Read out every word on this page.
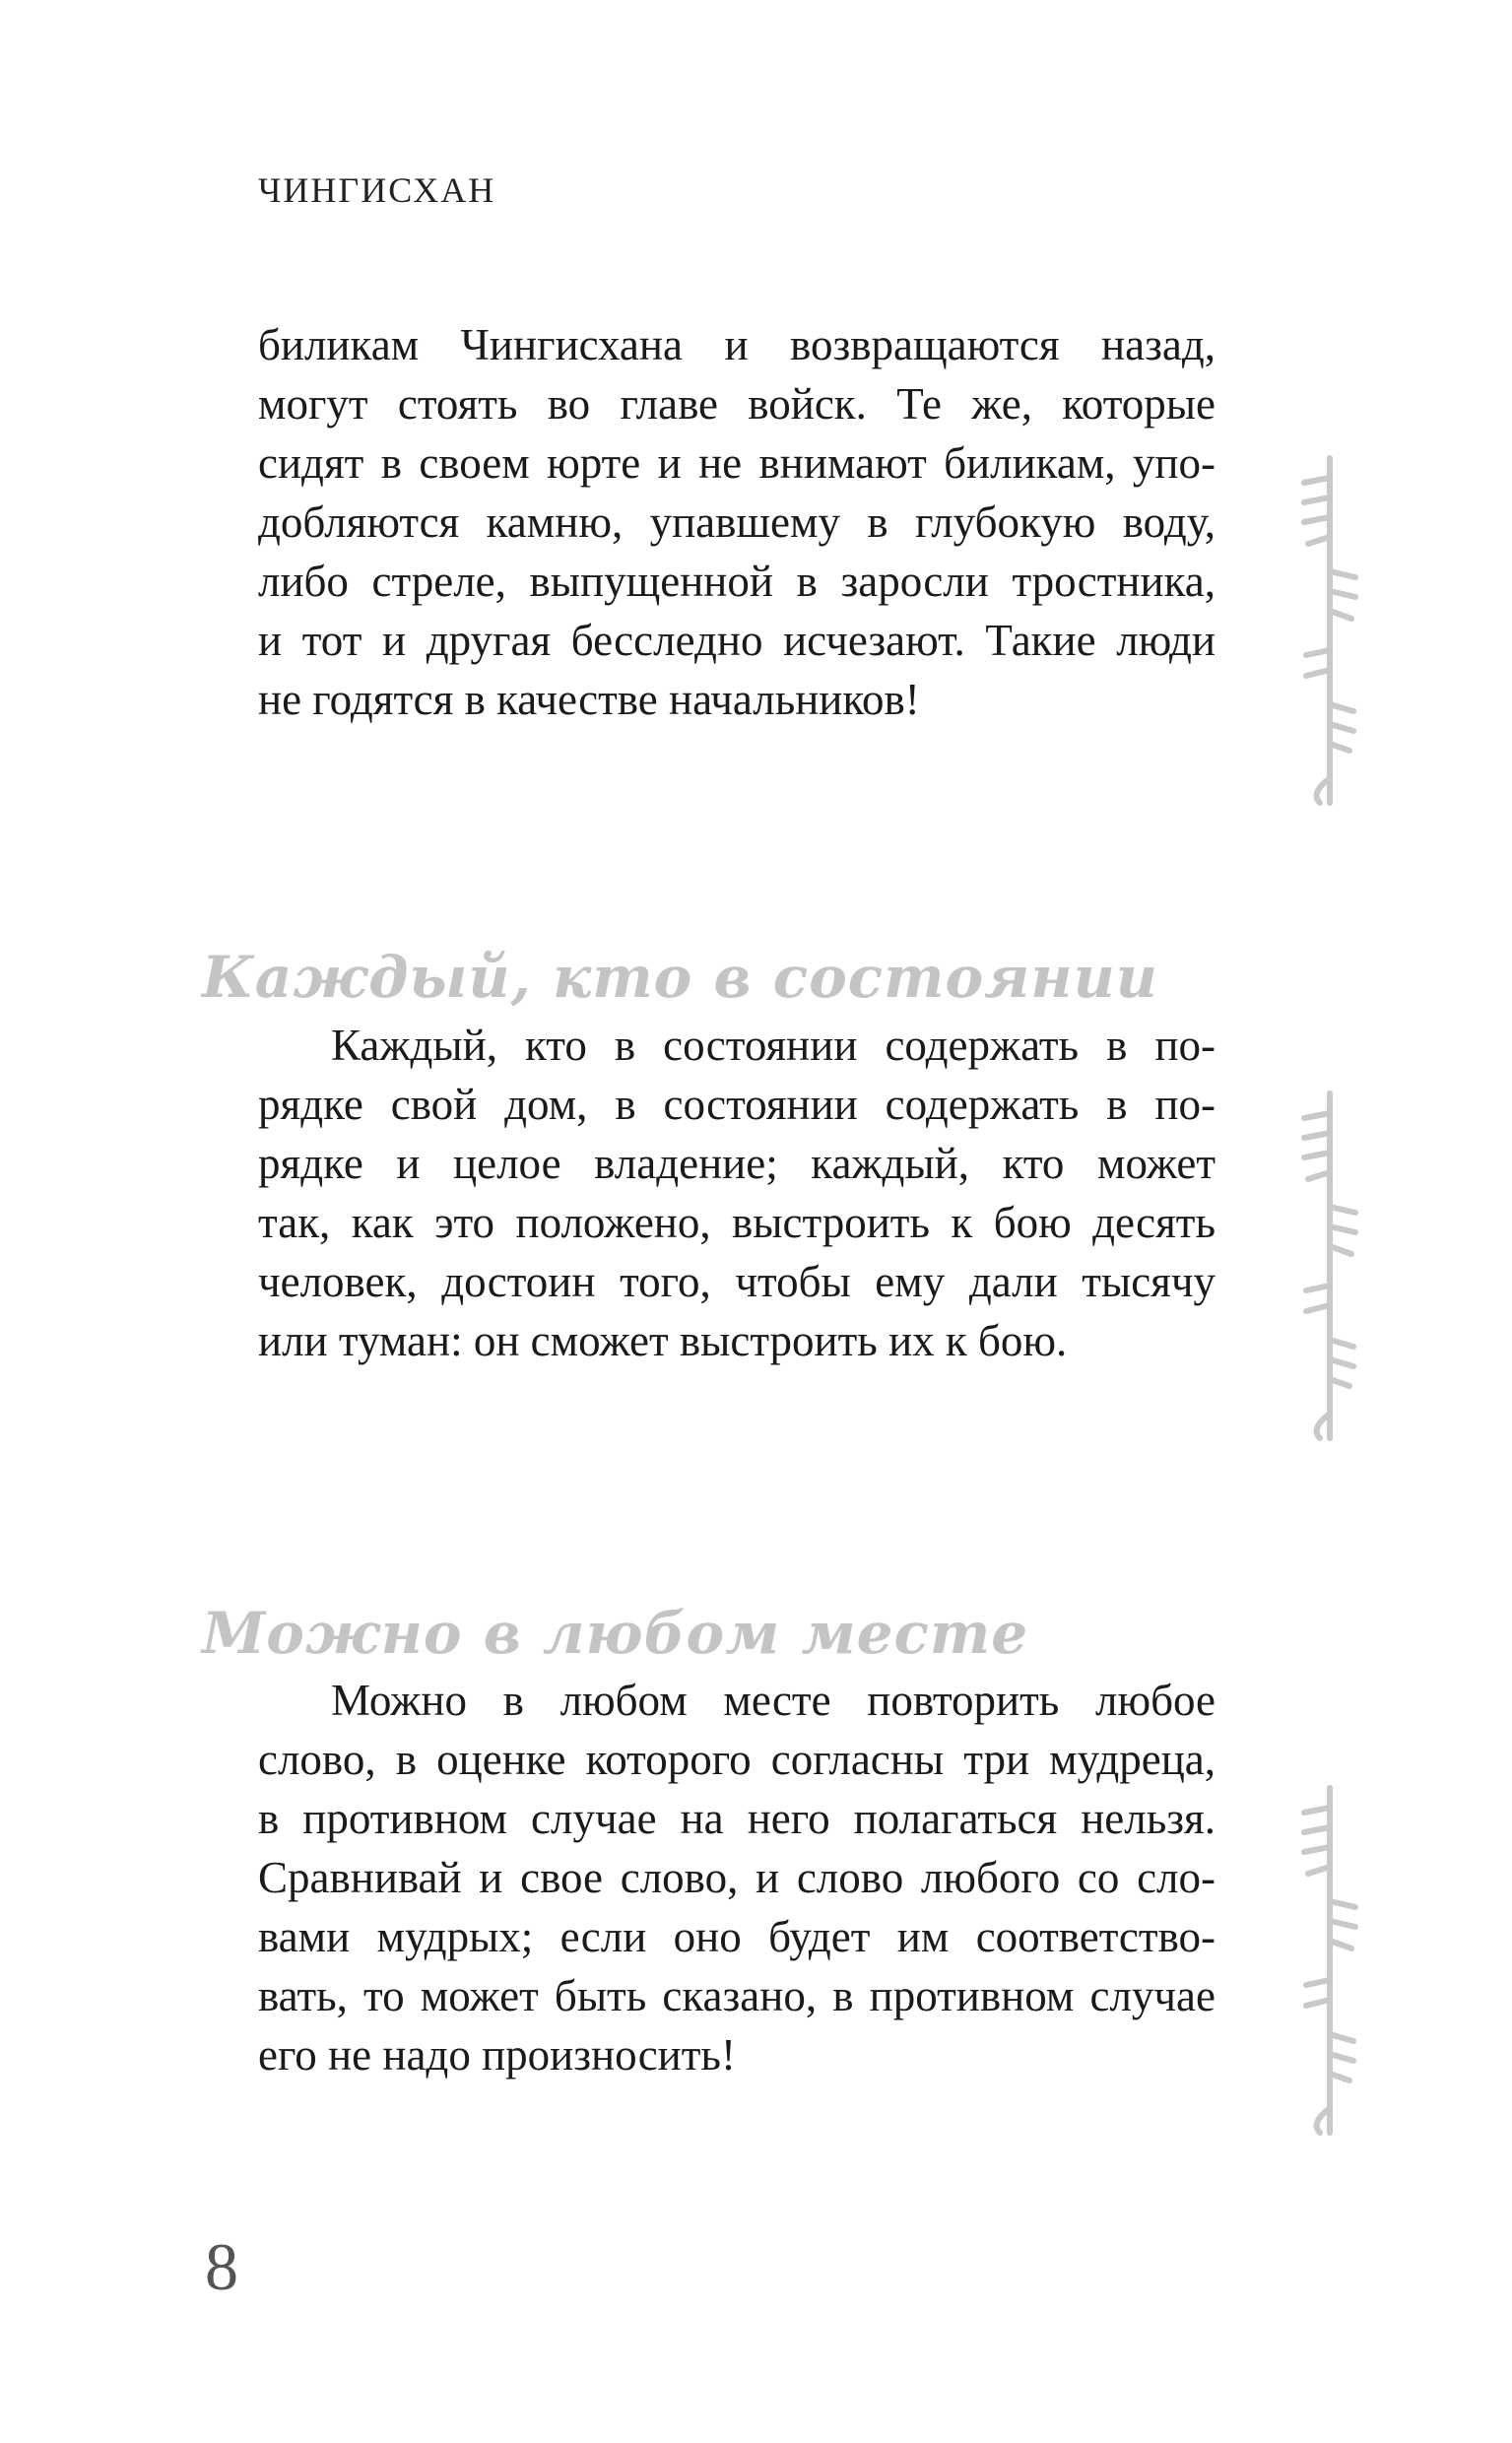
ЧИНГИСХАН
биликам Чингисхана и возвращаются назад,
могут стоять во главе войск. Те же, которые
сидят в своем юрте и не внимают биликам, упо-
добляются камню, упавшему в глубокую воду,
либо стреле, выпущенной в заросли тростника,
и тот и другая бесследно исчезают. Такие люди
не годятся в качестве начальников!
Каждый, кто в состоянии
Каждый, кто в состоянии содержать в по-
рядке свой дом, в состоянии содержать в по-
рядке и целое владение; каждый, кто может
так, как это положено, выстроить к бою десять
человек, достоин того, чтобы ему дали тысячу
или туман: он сможет выстроить их к бою.
Можно в любом месте
Можно в любом месте повторить любое
слово, в оценке которого согласны три мудреца,
в противном случае на него полагаться нельзя.
Сравнивай и свое слово, и слово любого со сло-
вами мудрых; если оно будет им соответство-
вать, то может быть сказано, в противном случае
его не надо произносить!
8
